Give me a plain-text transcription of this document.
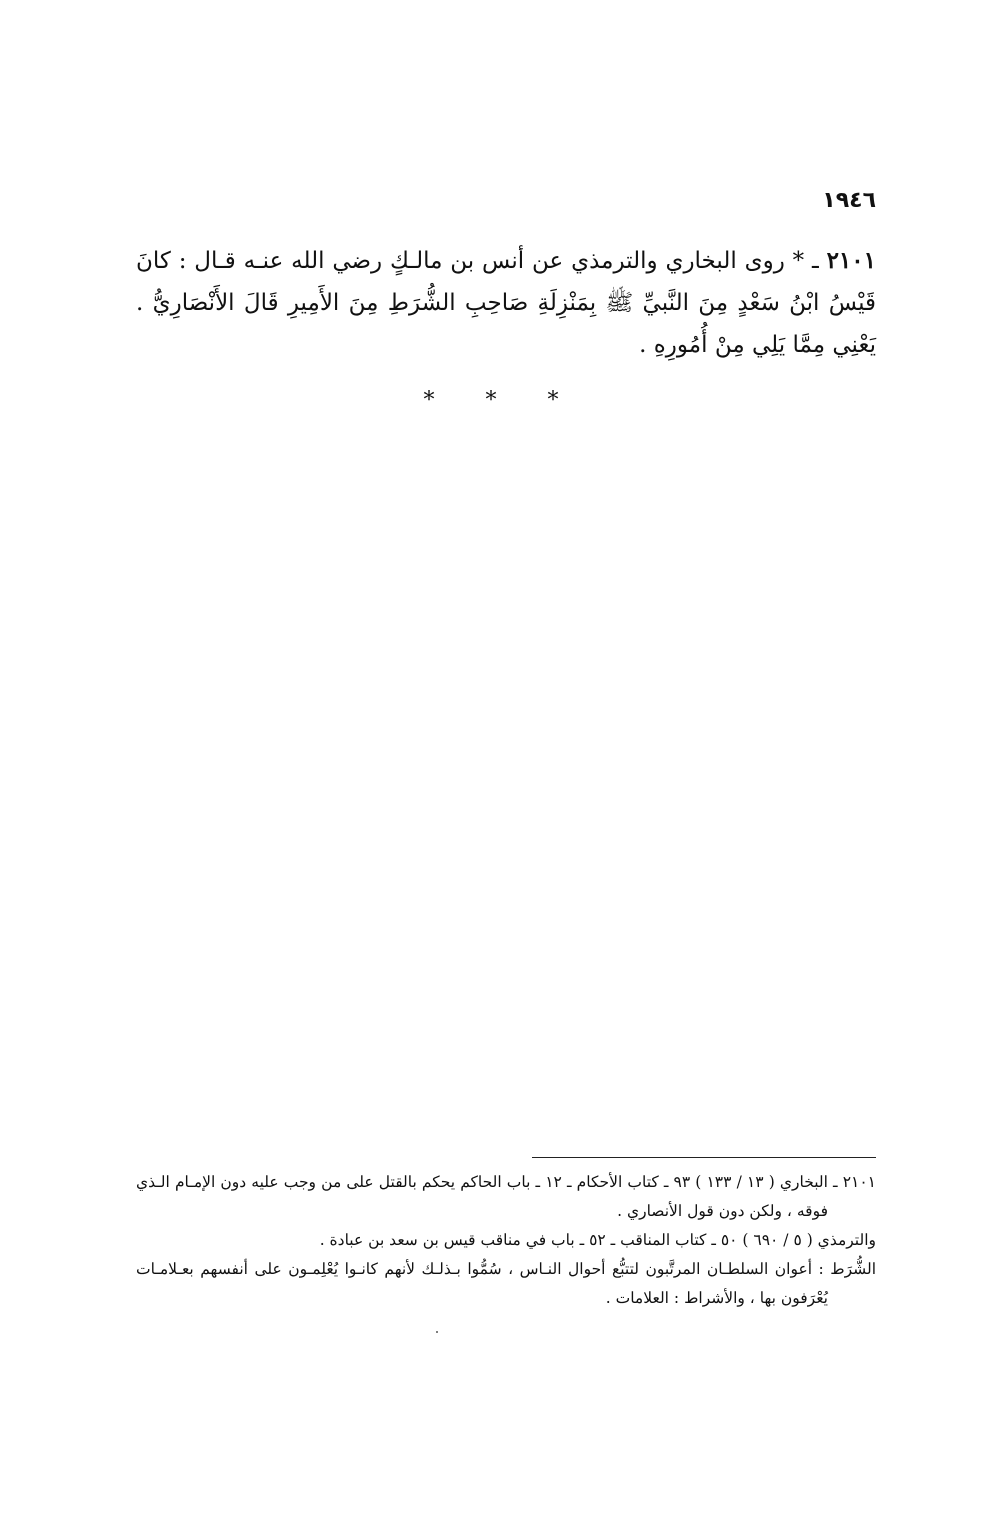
١٩٤٦
٢١٠١ ـ * روى البخاري والترمذي عن أنس بن مالـكٍ رضي الله عنـه قـال : كانَ قَيْسُ ابْنُ سَعْدٍ مِنَ النَّبيِّ ﷺ بِمَنْزِلَةِ صَاحِبِ الشُّرَطِ مِنَ الأَمِيرِ قَالَ الأَنْصَارِيُّ . يَعْنِي مِمَّا يَلِي مِنْ أُمُورِهِ .
* * *
٢١٠١ ـ البخاري ( ١٣ / ١٣٣ ) ٩٣ ـ كتاب الأحكام ـ ١٢ ـ باب الحاكم يحكم بالقتل على من وجب عليه دون الإمـام الـذي
فوقه ، ولكن دون قول الأنصاري .
والترمذي ( ٥ / ٦٩٠ ) ٥٠ ـ كتاب المناقب ـ ٥٢ ـ باب في مناقب قيس بن سعد بن عبادة .
الشُّرَط : أعوان السلطـان المرتَّبون لتتبُّع أحوال النـاس ، سُمُّوا بـذلـك لأنهم كانـوا يُعْلِمـون على أنفسهم بعـلامـات
يُعْرَفون بها ، والأشراط : العلامات .
